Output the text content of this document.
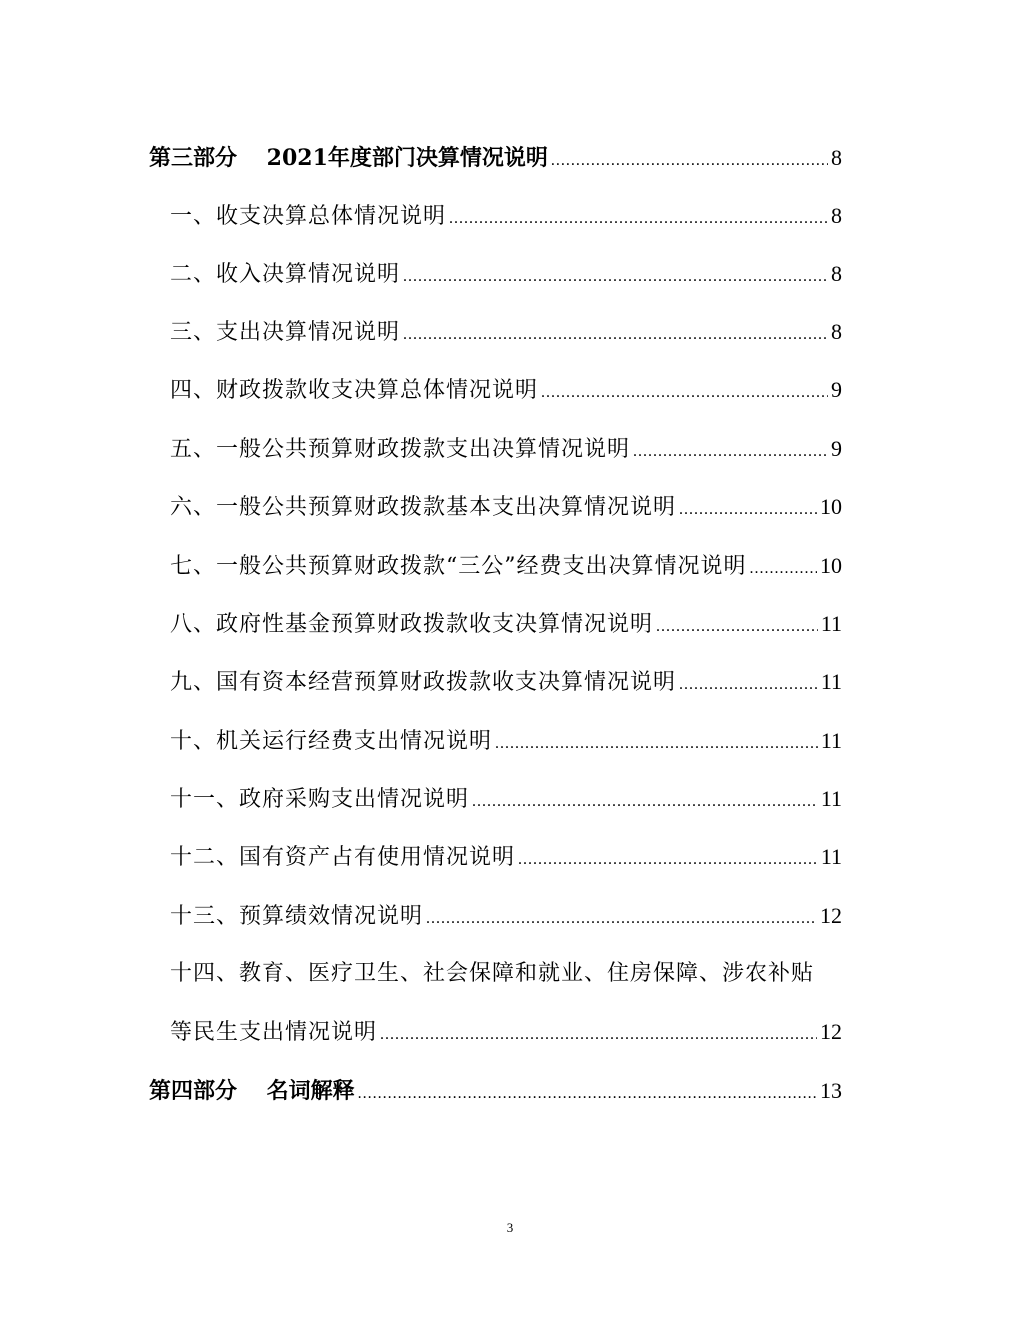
第三部分　 2021年度部门决算情况说明 .....	8
一、收支决算总体情况说明 .....	8
二、收入决算情况说明 .....	8
三、支出决算情况说明 .....	8
四、财政拨款收支决算总体情况说明 .....	9
五、一般公共预算财政拨款支出决算情况说明 .....	9
六、一般公共预算财政拨款基本支出决算情况说明 .....	10
七、一般公共预算财政拨款“三公”经费支出决算情况说明 .....	10
八、政府性基金预算财政拨款收支决算情况说明 .....	11
九、国有资本经营预算财政拨款收支决算情况说明 .....	11
十、机关运行经费支出情况说明 .....	11
十一、政府采购支出情况说明 .....	11
十二、国有资产占有使用情况说明 .....	11
十三、预算绩效情况说明 .....	12
十四、教育、医疗卫生、社会保障和就业、住房保障、涉农补贴
等民生支出情况说明 .....	12
第四部分　 名词解释 .....	13
3
